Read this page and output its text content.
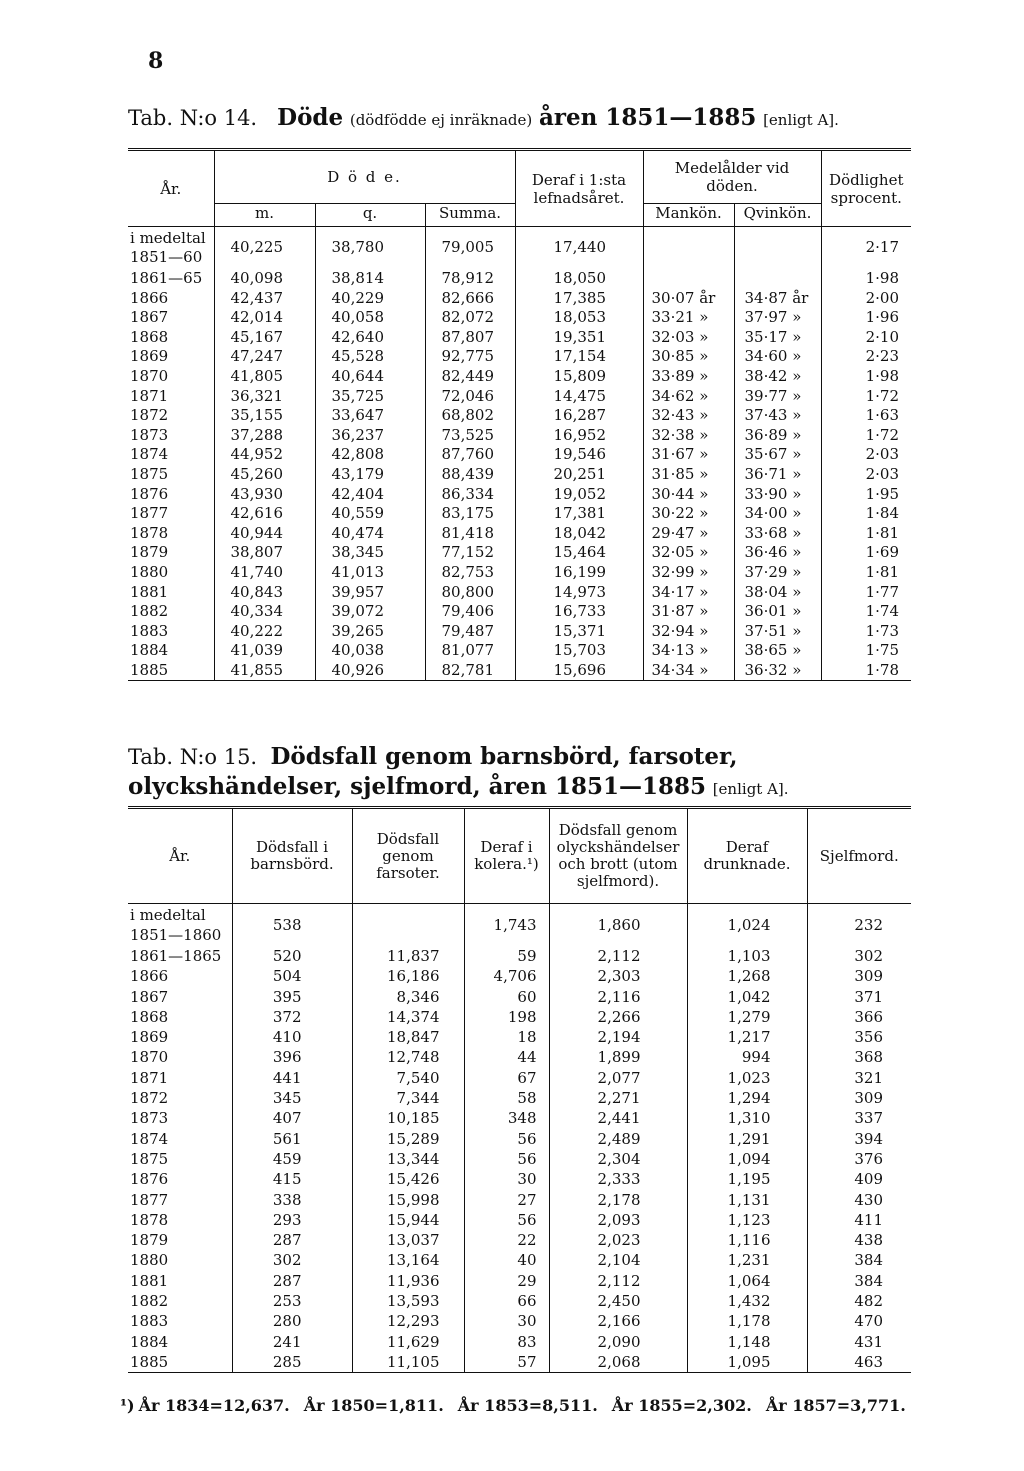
8
Tab. N:o 14. Döde (dödfödde ej inräknade) åren 1851—1885 [enligt A].
År.	D ö d e.			Deraf i 1:sta lefnadsåret.	Medelålder vid döden.		Dödlighetsprocent.
	m.	q.	Summa.		Mankön.	Qvinkön.	
i medeltal 1851—60	40,225	38,780	79,005	17,440			2·17
1861—65	40,098	38,814	78,912	18,050			1·98
1866	42,437	40,229	82,666	17,385	30·07 år	34·87 år	2·00
1867	42,014	40,058	82,072	18,053	33·21 »	37·97 »	1·96
1868	45,167	42,640	87,807	19,351	32·03 »	35·17 »	2·10
1869	47,247	45,528	92,775	17,154	30·85 »	34·60 »	2·23
1870	41,805	40,644	82,449	15,809	33·89 »	38·42 »	1·98
1871	36,321	35,725	72,046	14,475	34·62 »	39·77 »	1·72
1872	35,155	33,647	68,802	16,287	32·43 »	37·43 »	1·63
1873	37,288	36,237	73,525	16,952	32·38 »	36·89 »	1·72
1874	44,952	42,808	87,760	19,546	31·67 »	35·67 »	2·03
1875	45,260	43,179	88,439	20,251	31·85 »	36·71 »	2·03
1876	43,930	42,404	86,334	19,052	30·44 »	33·90 »	1·95
1877	42,616	40,559	83,175	17,381	30·22 »	34·00 »	1·84
1878	40,944	40,474	81,418	18,042	29·47 »	33·68 »	1·81
1879	38,807	38,345	77,152	15,464	32·05 »	36·46 »	1·69
1880	41,740	41,013	82,753	16,199	32·99 »	37·29 »	1·81
1881	40,843	39,957	80,800	14,973	34·17 »	38·04 »	1·77
1882	40,334	39,072	79,406	16,733	31·87 »	36·01 »	1·74
1883	40,222	39,265	79,487	15,371	32·94 »	37·51 »	1·73
1884	41,039	40,038	81,077	15,703	34·13 »	38·65 »	1·75
1885	41,855	40,926	82,781	15,696	34·34 »	36·32 »	1·78
Tab. N:o 15. Dödsfall genom barnsbörd, farsoter, olyckshändelser, sjelfmord, åren 1851—1885 [enligt A].
År.	Dödsfall i barnsbörd.	Dödsfall genom farsoter.	Deraf i kolera.¹)	Dödsfall genom olyckshändelser och brott (utom sjelfmord).	Deraf drunknade.	Sjelfmord.
i medeltal 1851—1860	538		1,743	1,860	1,024	232
1861—1865	520	11,837	59	2,112	1,103	302
1866	504	16,186	4,706	2,303	1,268	309
1867	395	8,346	60	2,116	1,042	371
1868	372	14,374	198	2,266	1,279	366
1869	410	18,847	18	2,194	1,217	356
1870	396	12,748	44	1,899	994	368
1871	441	7,540	67	2,077	1,023	321
1872	345	7,344	58	2,271	1,294	309
1873	407	10,185	348	2,441	1,310	337
1874	561	15,289	56	2,489	1,291	394
1875	459	13,344	56	2,304	1,094	376
1876	415	15,426	30	2,333	1,195	409
1877	338	15,998	27	2,178	1,131	430
1878	293	15,944	56	2,093	1,123	411
1879	287	13,037	22	2,023	1,116	438
1880	302	13,164	40	2,104	1,231	384
1881	287	11,936	29	2,112	1,064	384
1882	253	13,593	66	2,450	1,432	482
1883	280	12,293	30	2,166	1,178	470
1884	241	11,629	83	2,090	1,148	431
1885	285	11,105	57	2,068	1,095	463
¹) År 1834=12,637. År 1850=1,811. År 1853=8,511. År 1855=2,302. År 1857=3,771.
